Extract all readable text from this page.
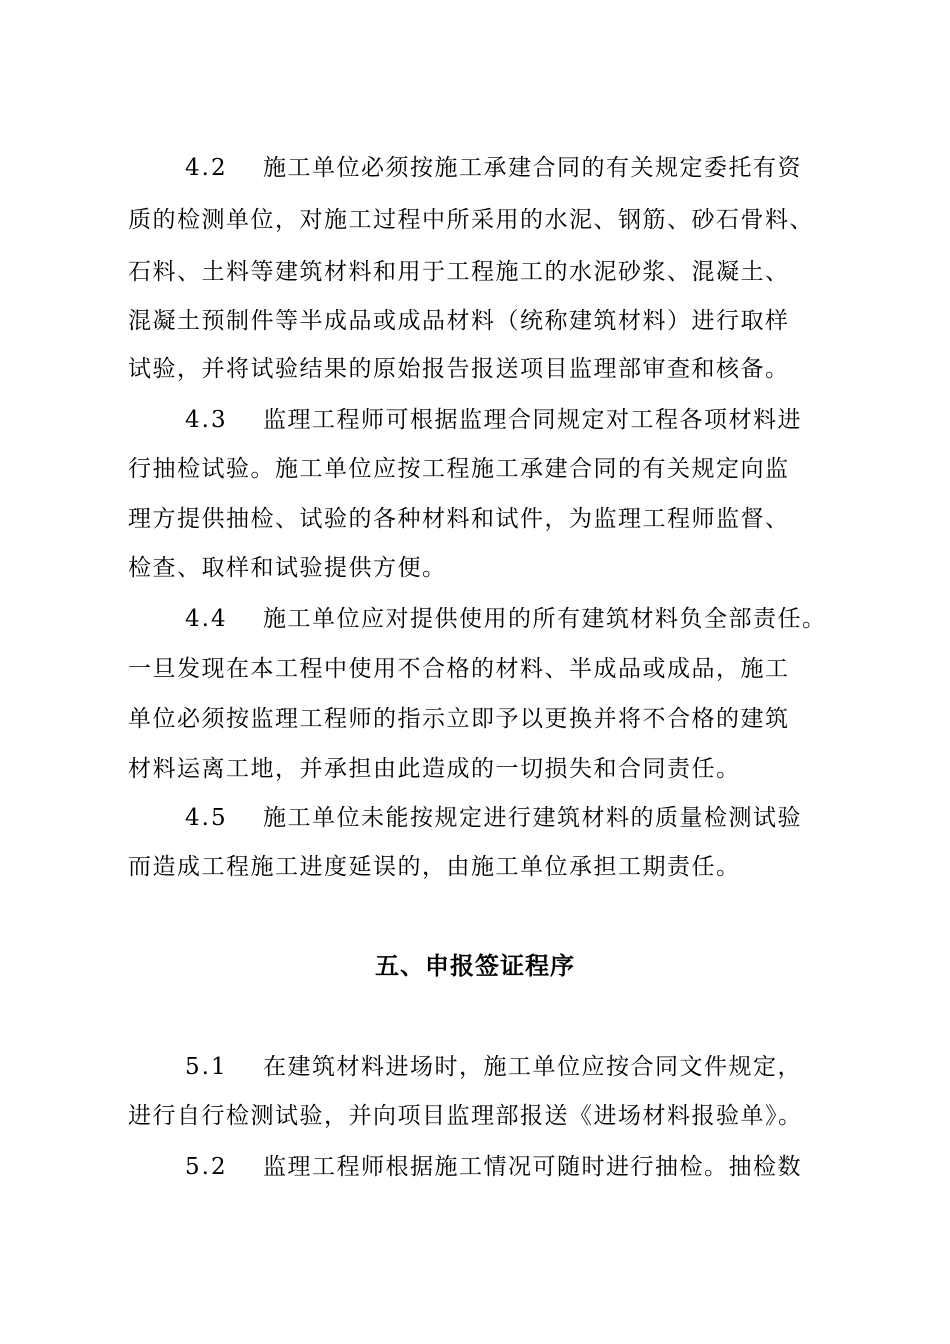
4.2 施工单位必须按施工承建合同的有关规定委托有资
质的检测单位，对施工过程中所采用的水泥、钢筋、砂石骨料、
石料、土料等建筑材料和用于工程施工的水泥砂浆、混凝土、
混凝土预制件等半成品或成品材料（统称建筑材料）进行取样
试验，并将试验结果的原始报告报送项目监理部审查和核备。
4.3 监理工程师可根据监理合同规定对工程各项材料进
行抽检试验。施工单位应按工程施工承建合同的有关规定向监
理方提供抽检、试验的各种材料和试件，为监理工程师监督、
检查、取样和试验提供方便。
4.4 施工单位应对提供使用的所有建筑材料负全部责任。
一旦发现在本工程中使用不合格的材料、半成品或成品，施工
单位必须按监理工程师的指示立即予以更换并将不合格的建筑
材料运离工地，并承担由此造成的一切损失和合同责任。
4.5 施工单位未能按规定进行建筑材料的质量检测试验
而造成工程施工进度延误的，由施工单位承担工期责任。
五、申报签证程序
5.1 在建筑材料进场时，施工单位应按合同文件规定，
进行自行检测试验，并向项目监理部报送《进场材料报验单》。
5.2 监理工程师根据施工情况可随时进行抽检。抽检数
